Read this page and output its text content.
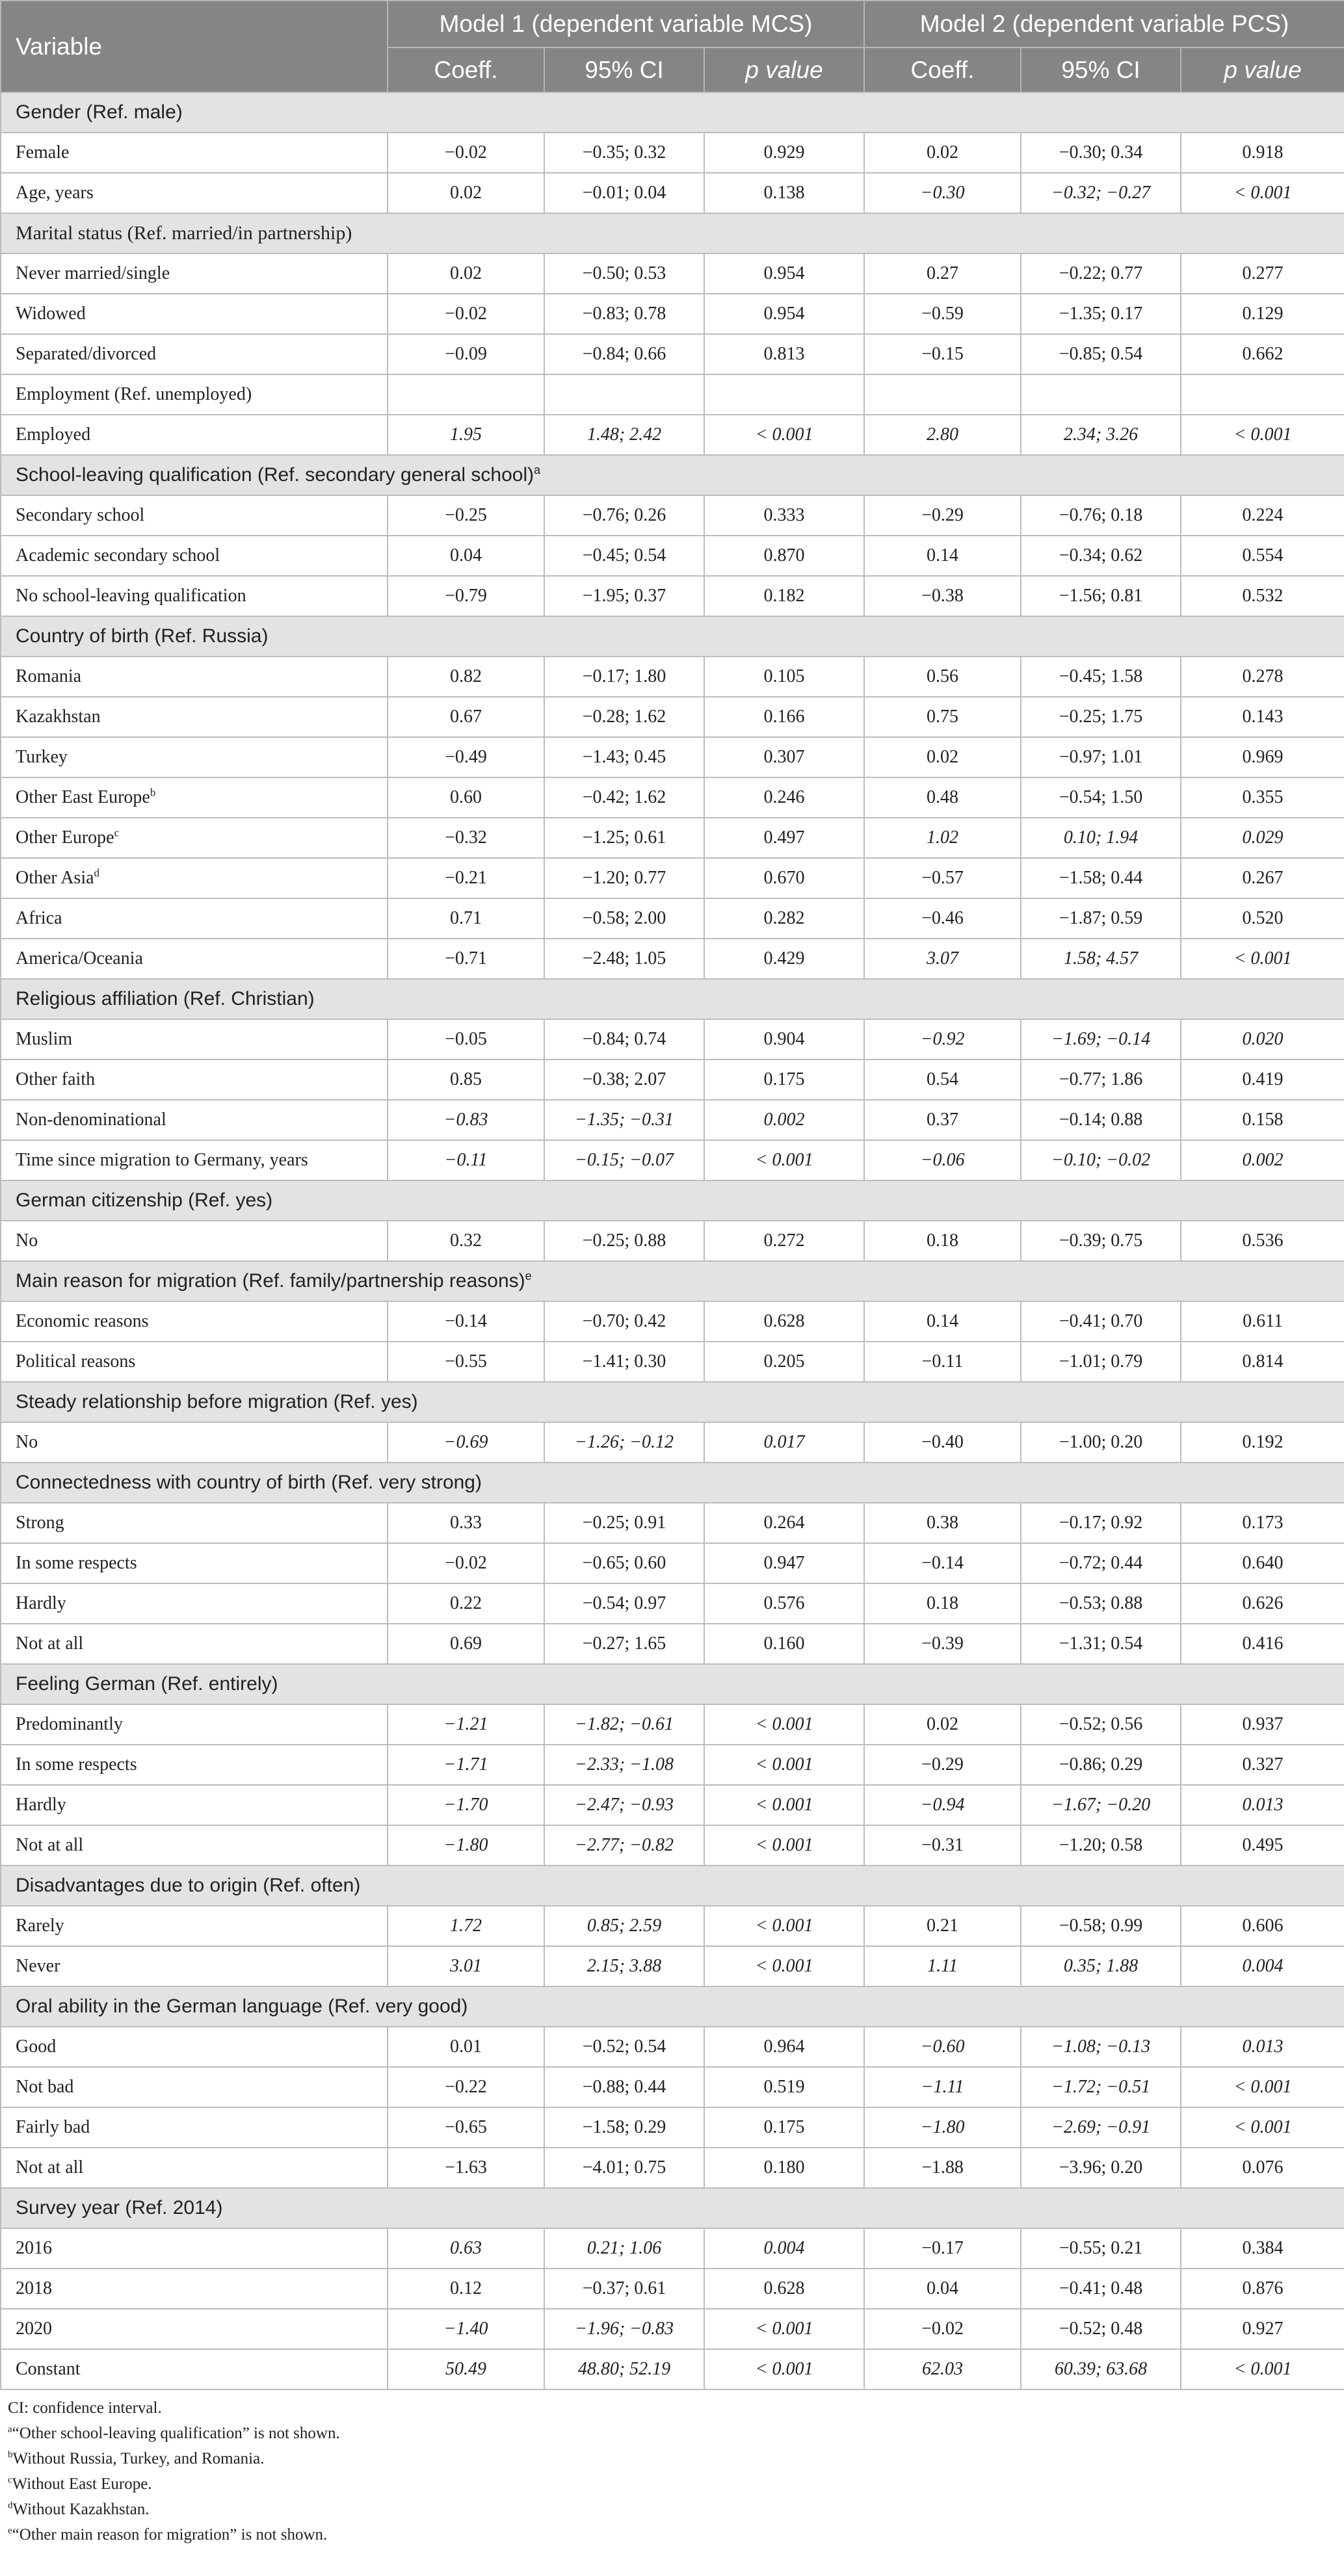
Variable	Model 1 (dependent variable MCS)			Model 2 (dependent variable PCS)		
	Coeff.	95% CI	p value	Coeff.	95% CI	p value
Gender (Ref. male)						
Female	−0.02	−0.35; 0.32	0.929	0.02	−0.30; 0.34	0.918
Age, years	0.02	−0.01; 0.04	0.138	−0.30	−0.32; −0.27	< 0.001
Marital status (Ref. married/in partnership)						
Never married/single	0.02	−0.50; 0.53	0.954	0.27	−0.22; 0.77	0.277
Widowed	−0.02	−0.83; 0.78	0.954	−0.59	−1.35; 0.17	0.129
Separated/divorced	−0.09	−0.84; 0.66	0.813	−0.15	−0.85; 0.54	0.662
Employment (Ref. unemployed)						
Employed	1.95	1.48; 2.42	< 0.001	2.80	2.34; 3.26	< 0.001
School-leaving qualification (Ref. secondary general school)$^a$
Secondary school	−0.25	−0.76; 0.26	0.333	−0.29	−0.76; 0.18	0.224
Academic secondary school	0.04	−0.45; 0.54	0.870	0.14	−0.34; 0.62	0.554
No school-leaving qualification	−0.79	−1.95; 0.37	0.182	−0.38	−1.56; 0.81	0.532
Country of birth (Ref. Russia)						
Romania	0.82	−0.17; 1.80	0.105	0.56	−0.45; 1.58	0.278
Kazakhstan	0.67	−0.28; 1.62	0.166	0.75	−0.25; 1.75	0.143
Turkey	−0.49	−1.43; 0.45	0.307	0.02	−0.97; 1.01	0.969
Other East Europe$^b$	0.60	−0.42; 1.62	0.246	0.48	−0.54; 1.50	0.355
Other Europe$^c$	−0.32	−1.25; 0.61	0.497	1.02	0.10; 1.94	0.029
Other Asia$^d$	−0.21	−1.20; 0.77	0.670	−0.57	−1.58; 0.44	0.267
Africa	0.71	−0.58; 2.00	0.282	−0.46	−1.87; 0.59	0.520
America/Oceania	−0.71	−2.48; 1.05	0.429	3.07	1.58; 4.57	< 0.001
Religious affiliation (Ref. Christian)						
Muslim	−0.05	−0.84; 0.74	0.904	−0.92	−1.69; −0.14	0.020
Other faith	0.85	−0.38; 2.07	0.175	0.54	−0.77; 1.86	0.419
Non-denominational	−0.83	−1.35; −0.31	0.002	0.37	−0.14; 0.88	0.158
Time since migration to Germany, years	−0.11	−0.15; −0.07	< 0.001	−0.06	−0.10; −0.02	0.002
German citizenship (Ref. yes)						
No	0.32	−0.25; 0.88	0.272	0.18	−0.39; 0.75	0.536
Main reason for migration (Ref. family/partnership reasons)$^e$
Economic reasons	−0.14	−0.70; 0.42	0.628	0.14	−0.41; 0.70	0.611
Political reasons	−0.55	−1.41; 0.30	0.205	−0.11	−1.01; 0.79	0.814
Steady relationship before migration (Ref. yes)						
No	−0.69	−1.26; −0.12	0.017	−0.40	−1.00; 0.20	0.192
Connectedness with country of birth (Ref. very strong)						
Strong	0.33	−0.25; 0.91	0.264	0.38	−0.17; 0.92	0.173
In some respects	−0.02	−0.65; 0.60	0.947	−0.14	−0.72; 0.44	0.640
Hardly	0.22	−0.54; 0.97	0.576	0.18	−0.53; 0.88	0.626
Not at all	0.69	−0.27; 1.65	0.160	−0.39	−1.31; 0.54	0.416
Feeling German (Ref. entirely)						
Predominantly	−1.21	−1.82; −0.61	< 0.001	0.02	−0.52; 0.56	0.937
In some respects	−1.71	−2.33; −1.08	< 0.001	−0.29	−0.86; 0.29	0.327
Hardly	−1.70	−2.47; −0.93	< 0.001	−0.94	−1.67; −0.20	0.013
Not at all	−1.80	−2.77; −0.82	< 0.001	−0.31	−1.20; 0.58	0.495
Disadvantages due to origin (Ref. often)						
Rarely	1.72	0.85; 2.59	< 0.001	0.21	−0.58; 0.99	0.606
Never	3.01	2.15; 3.88	< 0.001	1.11	0.35; 1.88	0.004
Oral ability in the German language (Ref. very good)						
Good	0.01	−0.52; 0.54	0.964	−0.60	−1.08; −0.13	0.013
Not bad	−0.22	−0.88; 0.44	0.519	−1.11	−1.72; −0.51	< 0.001
Fairly bad	−0.65	−1.58; 0.29	0.175	−1.80	−2.69; −0.91	< 0.001
Not at all	−1.63	−4.01; 0.75	0.180	−1.88	−3.96; 0.20	0.076
Survey year (Ref. 2014)						
2016	0.63	0.21; 1.06	0.004	−0.17	−0.55; 0.21	0.384
2018	0.12	−0.37; 0.61	0.628	0.04	−0.41; 0.48	0.876
2020	−1.40	−1.96; −0.83	< 0.001	−0.02	−0.52; 0.48	0.927
Constant	50.49	48.80; 52.19	< 0.001	62.03	60.39; 63.68	< 0.001
CI: confidence interval.
$^a$“Other school-leaving qualification” is not shown.
$^b$Without Russia, Turkey, and Romania.
$^c$Without East Europe.
$^d$Without Kazakhstan.
$^e$“Other main reason for migration” is not shown.
